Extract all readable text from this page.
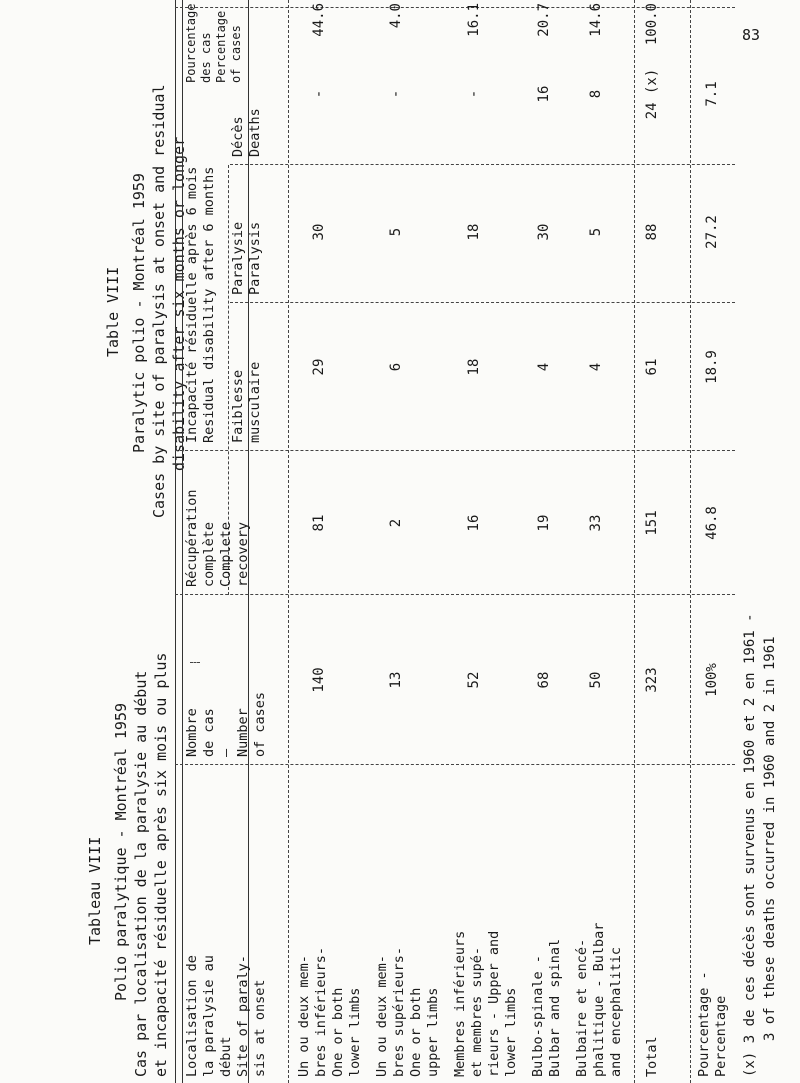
83

Tableau VIII

Table VIII

Polio paralytique - Montréal 1959

Paralytic polio - Montréal 1959

Cas par localisation de la paralysie au début

Cases by site of paralysis at onset and residual

et incapacité résiduelle après six mois ou plus

disability after six months or longer

Localisation de la paralysie au début Site of paraly- sis at onset
Nombre de cas — Number of cases
Récupération complète Complete recovery
Incapacité résiduelle après 6 mois Residual disability after 6 months Faiblesse musculaire
Paralysie Paralysis
Décès Deaths
Un ou deux mem- bres inférieurs- One or both lower limbs Un ou deux mem- bres supérieurs- One or both upper limbs Membres inférieurs et membres supé- rieurs - Upper and lower limbs Bulbo-spinale - Bulbar and spinal Bulbaire et encé- phalitique - Bulbar and encephalitic Total	Pourcentage - Percentage
140
81
29
30
-
44.6
13
2
6
5
-
4.0
52
16
18
18
-
16.1
68
19
4
30
16
20.7
50
33
4
5
8
14.6
323
151
61
88
24 (x)
100.0
100%
46.8
18.9
27.2
7.1
(x) 3 de ces décès sont survenus en 1960 et 2 en 1961 - 3 of these deaths occurred in 1960 and 2 in 1961
Pourcentage des cas Percentage of cases
